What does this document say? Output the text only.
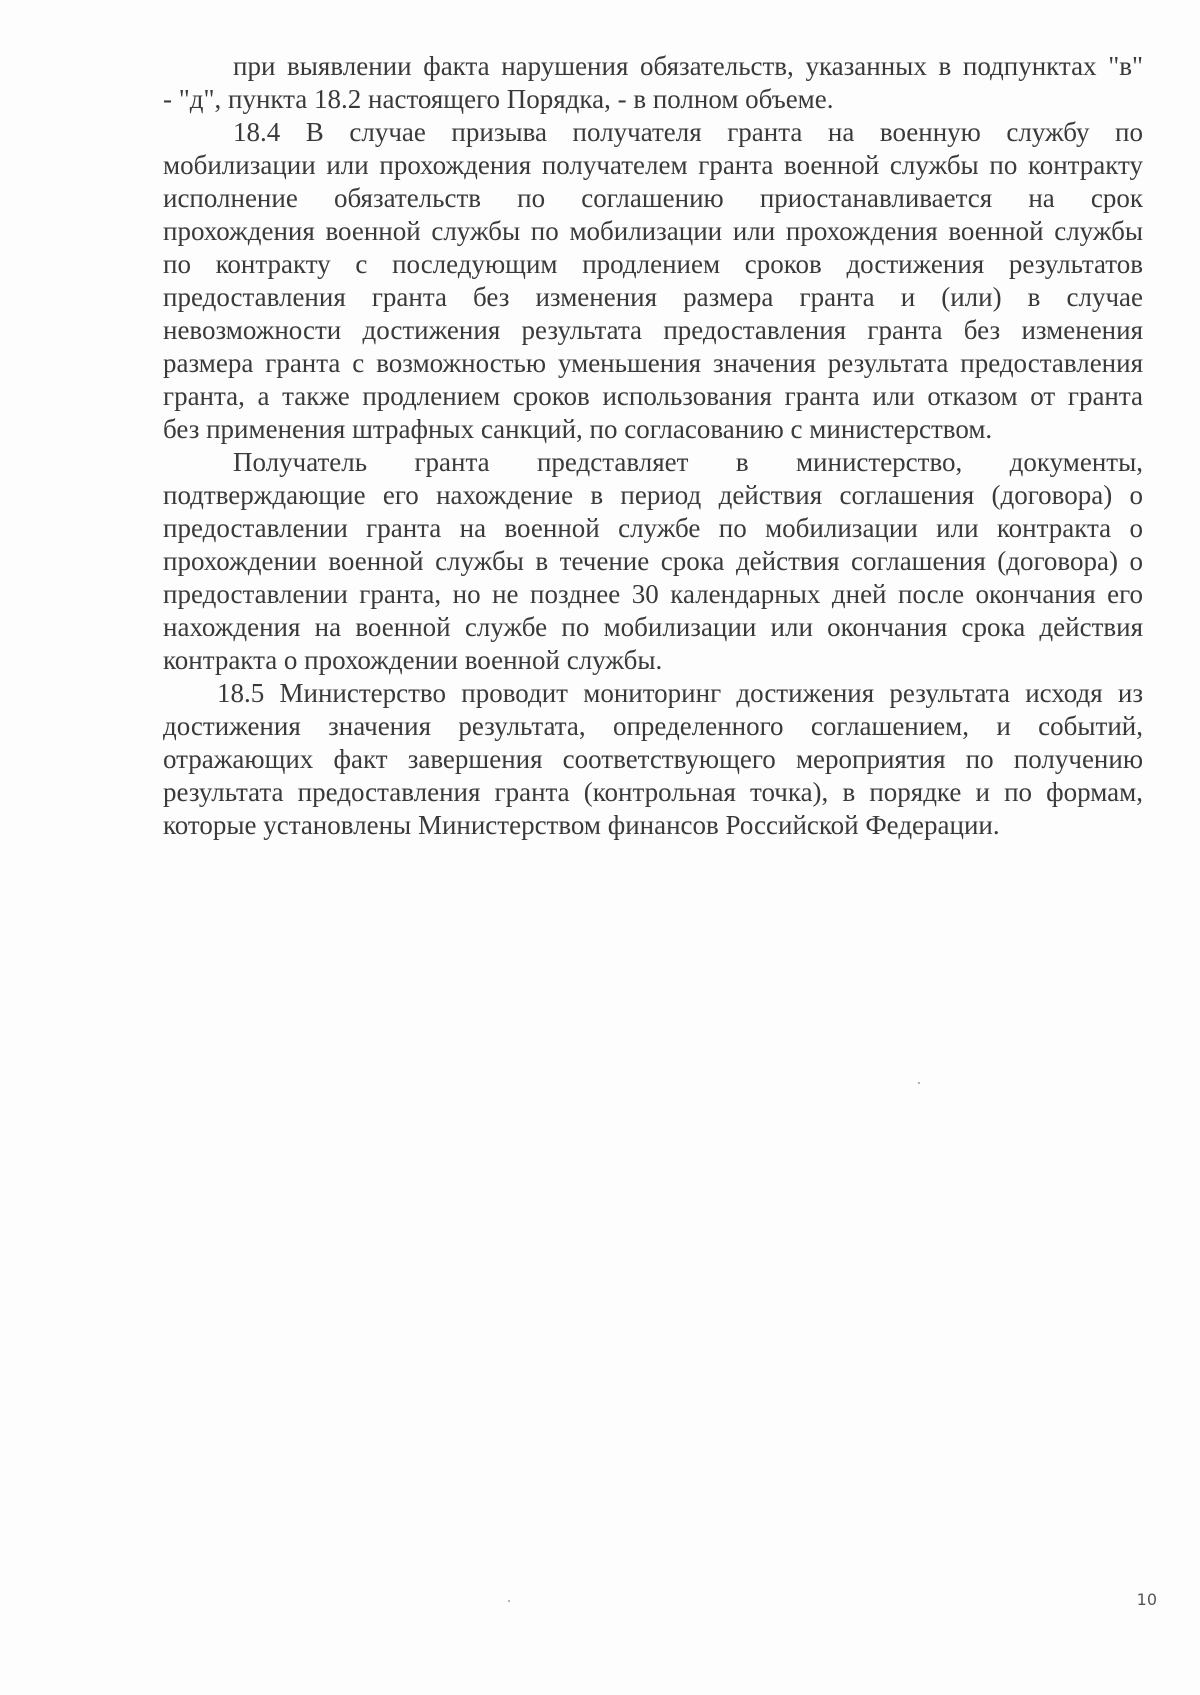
при выявлении факта нарушения обязательств, указанных в подпунктах "в"
- "д", пункта 18.2 настоящего Порядка, - в полном объеме.
18.4 В случае призыва получателя гранта на военную службу по
мобилизации или прохождения получателем гранта военной службы по контракту
исполнение обязательств по соглашению приостанавливается на срок
прохождения военной службы по мобилизации или прохождения военной службы
по контракту с последующим продлением сроков достижения результатов
предоставления гранта без изменения размера гранта и (или) в случае
невозможности достижения результата предоставления гранта без изменения
размера гранта с возможностью уменьшения значения результата предоставления
гранта, а также продлением сроков использования гранта или отказом от гранта
без применения штрафных санкций, по согласованию с министерством.
Получатель гранта представляет в министерство, документы,
подтверждающие его нахождение в период действия соглашения (договора) о
предоставлении гранта на военной службе по мобилизации или контракта о
прохождении военной службы в течение срока действия соглашения (договора) о
предоставлении гранта, но не позднее 30 календарных дней после окончания его
нахождения на военной службе по мобилизации или окончания срока действия
контракта о прохождении военной службы.
18.5 Министерство проводит мониторинг достижения результата исходя из
достижения значения результата, определенного соглашением, и событий,
отражающих факт завершения соответствующего мероприятия по получению
результата предоставления гранта (контрольная точка), в порядке и по формам,
которые установлены Министерством финансов Российской Федерации.
10
